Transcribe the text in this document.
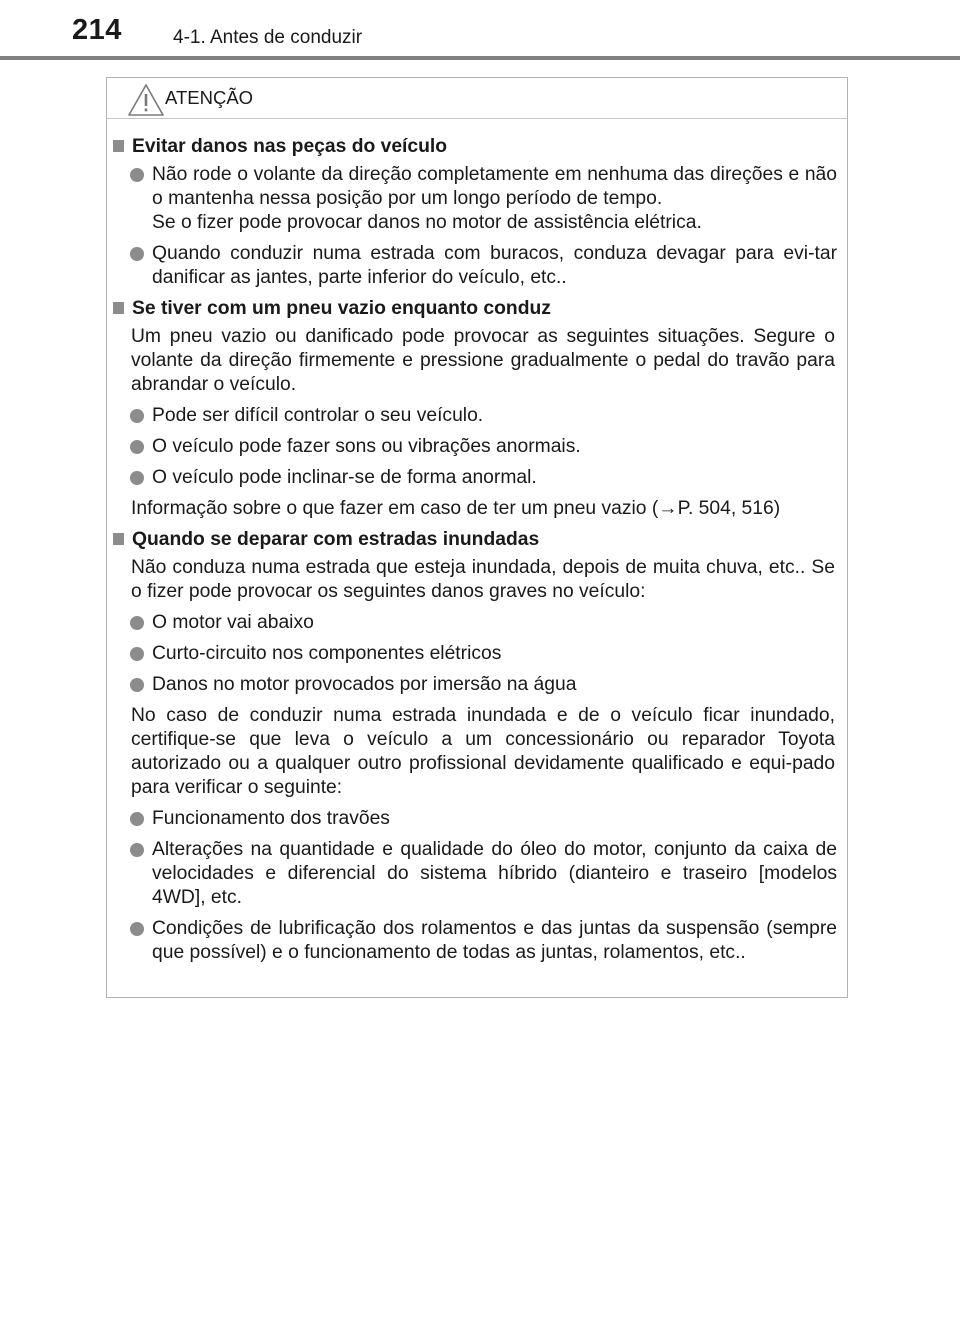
214	4-1. Antes de conduzir
ATENÇÃO
Evitar danos nas peças do veículo
Não rode o volante da direção completamente em nenhuma das direções e não o mantenha nessa posição por um longo período de tempo.
Se o fizer pode provocar danos no motor de assistência elétrica.
Quando conduzir numa estrada com buracos, conduza devagar para evi-tar danificar as jantes, parte inferior do veículo, etc..
Se tiver com um pneu vazio enquanto conduz
Um pneu vazio ou danificado pode provocar as seguintes situações. Segure o volante da direção firmemente e pressione gradualmente o pedal do travão para abrandar o veículo.
Pode ser difícil controlar o seu veículo.
O veículo pode fazer sons ou vibrações anormais.
O veículo pode inclinar-se de forma anormal.
Informação sobre o que fazer em caso de ter um pneu vazio (→P. 504, 516)
Quando se deparar com estradas inundadas
Não conduza numa estrada que esteja inundada, depois de muita chuva, etc.. Se o fizer pode provocar os seguintes danos graves no veículo:
O motor vai abaixo
Curto-circuito nos componentes elétricos
Danos no motor provocados por imersão na água
No caso de conduzir numa estrada inundada e de o veículo ficar inundado, certifique-se que leva o veículo a um concessionário ou reparador Toyota autorizado ou a qualquer outro profissional devidamente qualificado e equi-pado para verificar o seguinte:
Funcionamento dos travões
Alterações na quantidade e qualidade do óleo do motor, conjunto da caixa de velocidades e diferencial do sistema híbrido (dianteiro e traseiro [modelos 4WD], etc.
Condições de lubrificação dos rolamentos e das juntas da suspensão (sempre que possível) e o funcionamento de todas as juntas, rolamentos, etc..
